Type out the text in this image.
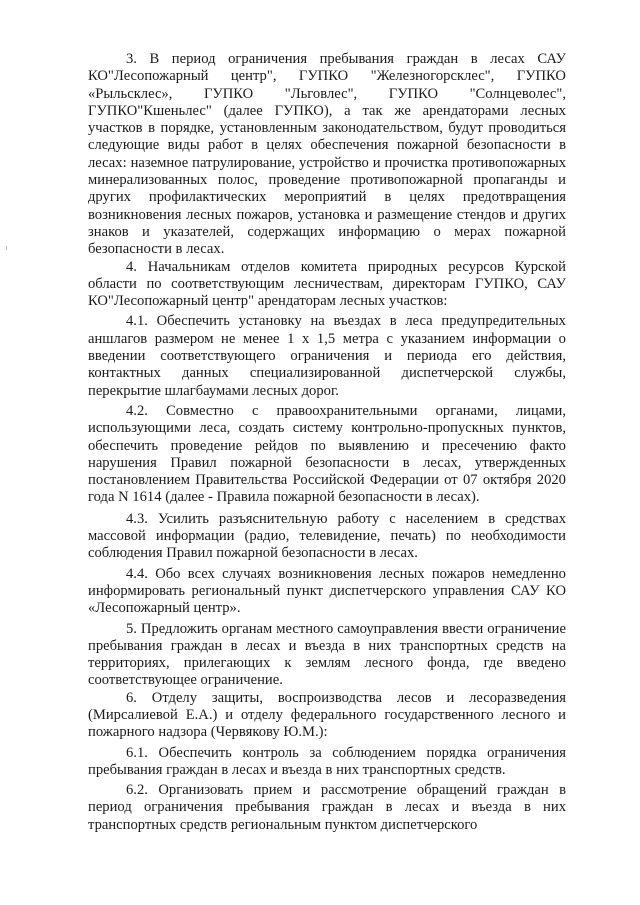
3. В период ограничения пребывания граждан в лесах САУ КО"Лесопожарный центр", ГУПКО "Железногорсклес", ГУПКО «Рыльсклес», ГУПКО "Льговлес", ГУПКО "Солнцеволес", ГУПКО"Кшеньлес" (далее ГУПКО), а так же арендаторами лесных участков в порядке, установленным законодательством, будут проводиться следующие виды работ в целях обеспечения пожарной безопасности в лесах: наземное патрулирование, устройство и прочистка противопожарных минерализованных полос, проведение противопожарной пропаганды и других профилактических мероприятий в целях предотвращения возникновения лесных пожаров, установка и размещение стендов и других знаков и указателей, содержащих информацию о мерах пожарной безопасности в лесах.

4. Начальникам отделов комитета природных ресурсов Курской области по соответствующим лесничествам, директорам ГУПКО, САУ КО"Лесопожарный центр" арендаторам лесных участков:

4.1. Обеспечить установку на въездах в леса предупредительных аншлагов размером не менее 1 х 1,5 метра с указанием информации о введении соответствующего ограничения и периода его действия, контактных данных специализированной диспетчерской службы, перекрытие шлагбаумами лесных дорог.

4.2. Совместно с правоохранительными органами, лицами, использующими леса, создать систему контрольно-пропускных пунктов, обеспечить проведение рейдов по выявлению и пресечению факто нарушения Правил пожарной безопасности в лесах, утвержденных постановлением Правительства Российской Федерации от 07 октября 2020 года N 1614 (далее - Правила пожарной безопасности в лесах).

4.3. Усилить разъяснительную работу с населением в средствах массовой информации (радио, телевидение, печать) по необходимости соблюдения Правил пожарной безопасности в лесах.

4.4. Обо всех случаях возникновения лесных пожаров немедленно информировать региональный пункт диспетчерского управления САУ КО «Лесопожарный центр».

5. Предложить органам местного самоуправления ввести ограничение пребывания граждан в лесах и въезда в них транспортных средств на территориях, прилегающих к землям лесного фонда, где введено соответствующее ограничение.

6. Отделу защиты, воспроизводства лесов и лесоразведения (Мирсалиевой Е.А.) и отделу федерального государственного лесного и пожарного надзора (Червякову Ю.М.):

6.1. Обеспечить контроль за соблюдением порядка ограничения пребывания граждан в лесах и въезда в них транспортных средств.

6.2. Организовать прием и рассмотрение обращений граждан в период ограничения пребывания граждан в лесах и въезда в них транспортных средств региональным пунктом диспетчерского
